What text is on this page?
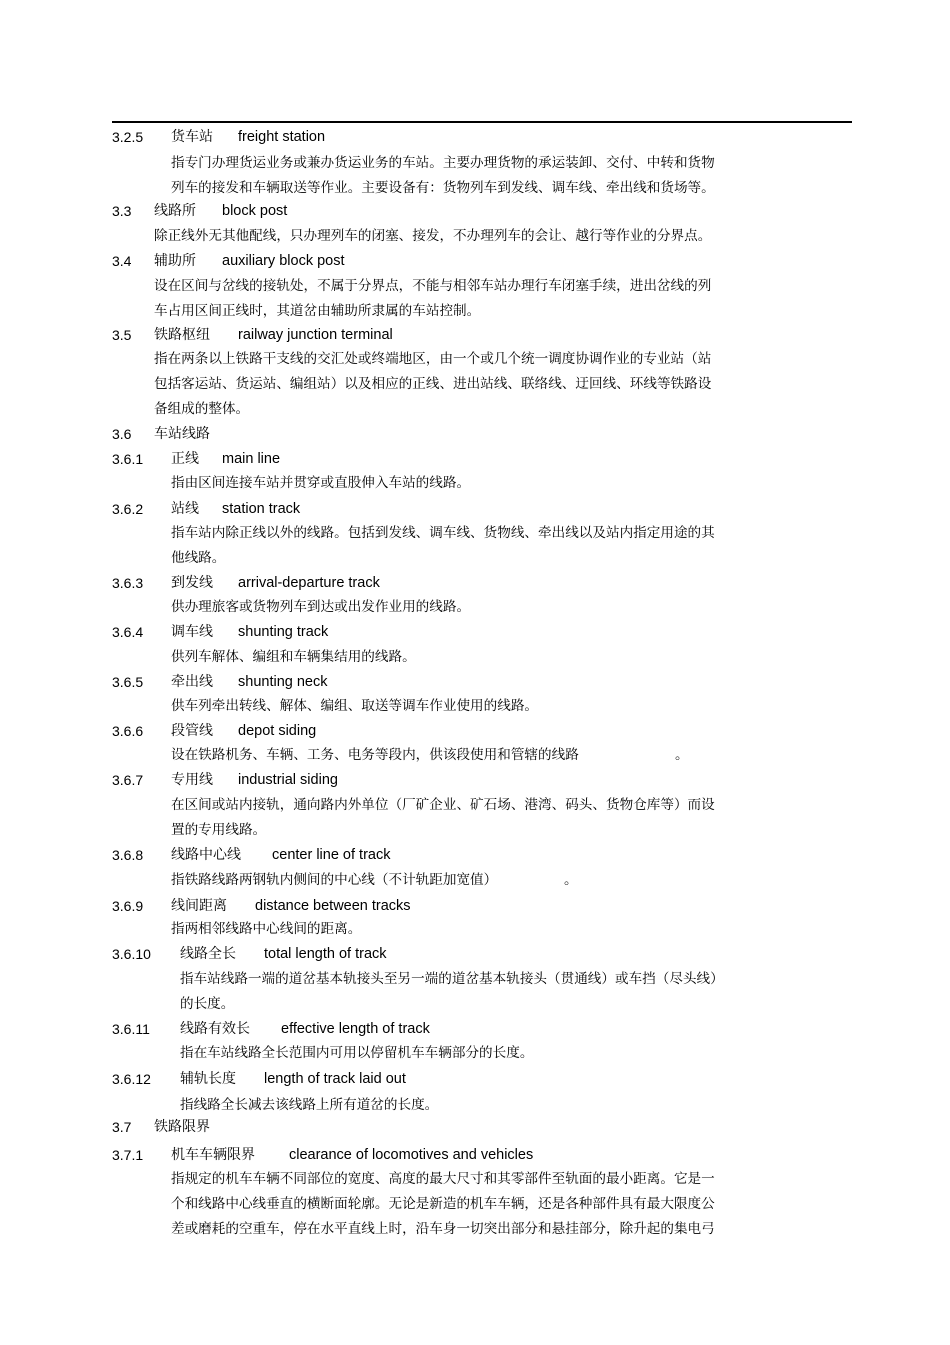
3.2.5 货车站 freight station
指专门办理货运业务或兼办货运业务的车站。主要办理货物的承运装卸、交付、中转和货物
列车的接发和车辆取送等作业。主要设备有：货物列车到发线、调车线、牵出线和货场等。
3.3 线路所 block post
除正线外无其他配线，只办理列车的闭塞、接发，不办理列车的会让、越行等作业的分界点。
3.4 辅助所 auxiliary block post
设在区间与岔线的接轨处，不属于分界点，不能与相邻车站办理行车闭塞手续，进出岔线的列
车占用区间正线时，其道岔由辅助所隶属的车站控制。
3.5 铁路枢纽 railway junction terminal
指在两条以上铁路干支线的交汇处或终端地区，由一个或几个统一调度协调作业的专业站（站
包括客运站、货运站、编组站）以及相应的正线、进出站线、联络线、迂回线、环线等铁路设
备组成的整体。
3.6 车站线路
3.6.1 正线 main line
指由区间连接车站并贯穿或直股伸入车站的线路。
3.6.2 站线 station track
指车站内除正线以外的线路。包括到发线、调车线、货物线、牵出线以及站内指定用途的其
他线路。
3.6.3 到发线 arrival-departure track
供办理旅客或货物列车到达或出发作业用的线路。
3.6.4 调车线 shunting track
供列车解体、编组和车辆集结用的线路。
3.6.5 牵出线 shunting neck
供车列牵出转线、解体、编组、取送等调车作业使用的线路。
3.6.6 段管线 depot siding
设在铁路机务、车辆、工务、电务等段内，供该段使用和管辖的线路	。
3.6.7 专用线 industrial siding
在区间或站内接轨，通向路内外单位（厂矿企业、矿石场、港湾、码头、货物仓库等）而设
置的专用线路。
3.6.8 线路中心线 center line of track
指铁路线路两钢轨内侧间的中心线（不计轨距加宽值）	。
3.6.9 线间距离 distance between tracks
指两相邻线路中心线间的距离。
3.6.10 线路全长 total length of track
指车站线路一端的道岔基本轨接头至另一端的道岔基本轨接头（贯通线）或车挡（尽头线）
的长度。
3.6.11 线路有效长 effective length of track
指在车站线路全长范围内可用以停留机车车辆部分的长度。
3.6.12 辅轨长度 length of track laid out
指线路全长减去该线路上所有道岔的长度。
3.7 铁路限界
3.7.1 机车车辆限界 clearance of locomotives and vehicles
指规定的机车车辆不同部位的宽度、高度的最大尺寸和其零部件至轨面的最小距离。它是一
个和线路中心线垂直的横断面轮廓。无论是新造的机车车辆，还是各种部件具有最大限度公
差或磨耗的空重车，停在水平直线上时，沿车身一切突出部分和悬挂部分，除升起的集电弓
